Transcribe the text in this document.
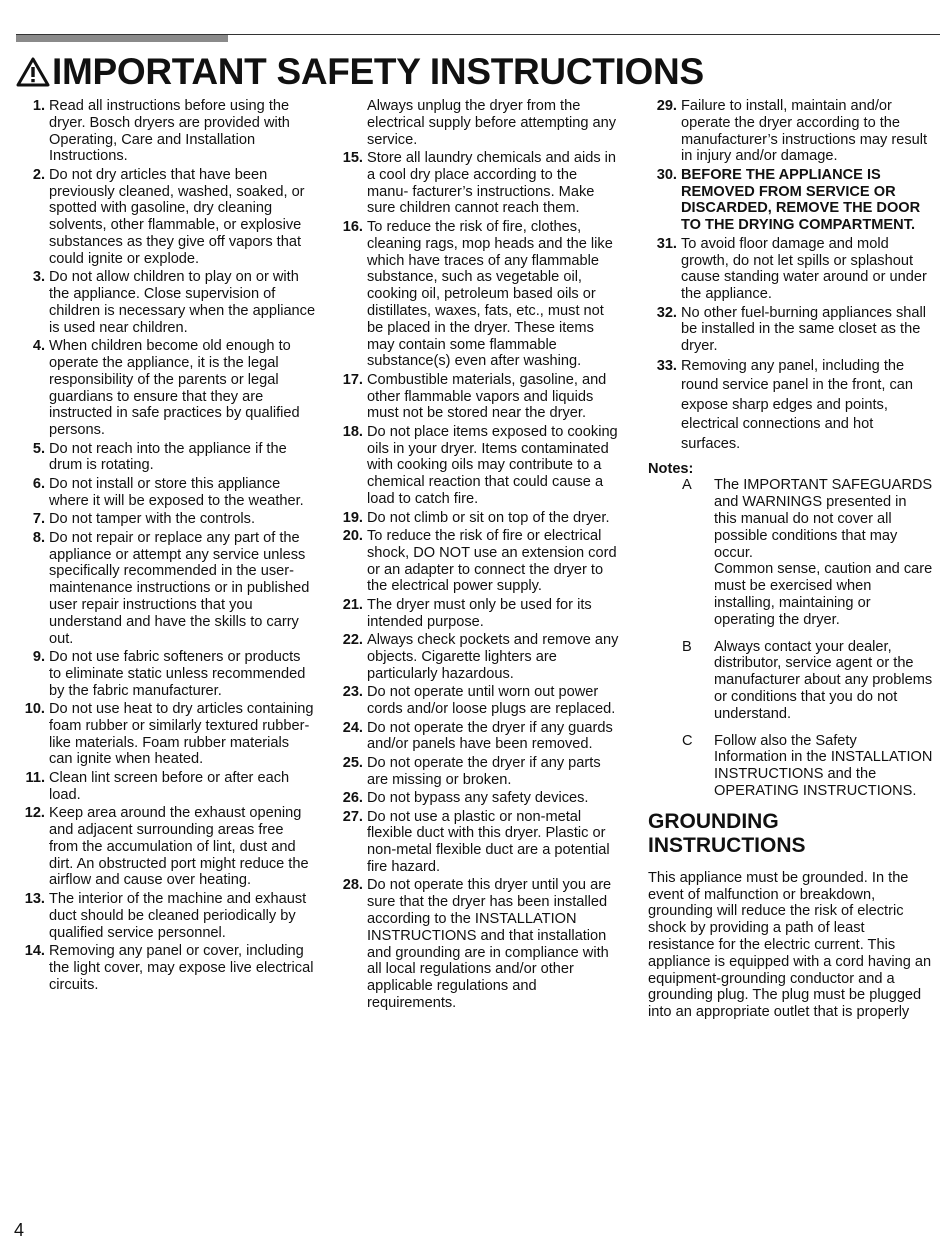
IMPORTANT SAFETY INSTRUCTIONS
1. Read all instructions before using the dryer. Bosch dryers are provided with Operating, Care and Installation Instructions.
2. Do not dry articles that have been previously cleaned, washed, soaked, or spotted with gasoline, dry cleaning solvents, other flammable, or explosive substances as they give off vapors that could ignite or explode.
3. Do not allow children to play on or with the appliance. Close supervision of children is necessary when the appliance is used near children.
4. When children become old enough to operate the appliance, it is the legal responsibility of the parents or legal guardians to ensure that they are instructed in safe practices by qualified persons.
5. Do not reach into the appliance if the drum is rotating.
6. Do not install or store this appliance where it will be exposed to the weather.
7. Do not tamper with the controls.
8. Do not repair or replace any part of the appliance or attempt any service unless specifically recommended in the user-maintenance instructions or in published user repair instructions that you understand and have the skills to carry out.
9. Do not use fabric softeners or products to eliminate static unless recommended by the fabric manufacturer.
10. Do not use heat to dry articles containing foam rubber or similarly textured rubber-like materials. Foam rubber materials can ignite when heated.
11. Clean lint screen before or after each load.
12. Keep area around the exhaust opening and adjacent surrounding areas free from the accumulation of lint, dust and dirt. An obstructed port might reduce the airflow and cause over heating.
13. The interior of the machine and exhaust duct should be cleaned periodically by qualified service personnel.
14. Removing any panel or cover, including the light cover, may expose live electrical circuits.
Always unplug the dryer from the electrical supply before attempting any service.
15. Store all laundry chemicals and aids in a cool dry place according to the manu- facturer’s instructions. Make sure children cannot reach them.
16. To reduce the risk of fire, clothes, cleaning rags, mop heads and the like which have traces of any flammable substance, such as vegetable oil, cooking oil, petroleum based oils or distillates, waxes, fats, etc., must not be placed in the dryer. These items may contain some flammable substance(s) even after washing.
17. Combustible materials, gasoline, and other flammable vapors and liquids must not be stored near the dryer.
18. Do not place items exposed to cooking oils in your dryer. Items contaminated with cooking oils may contribute to a chemical reaction that could cause a load to catch fire.
19. Do not climb or sit on top of the dryer.
20. To reduce the risk of fire or electrical shock, DO NOT use an extension cord or an adapter to connect the dryer to the electrical power supply.
21. The dryer must only be used for its intended purpose.
22. Always check pockets and remove any objects. Cigarette lighters are particularly hazardous.
23. Do not operate until worn out power cords and/or loose plugs are replaced.
24. Do not operate the dryer if any guards and/or panels have been removed.
25. Do not operate the dryer if any parts are missing or broken.
26. Do not bypass any safety devices.
27. Do not use a plastic or non-metal flexible duct with this dryer. Plastic or non-metal flexible duct are a potential fire hazard.
28. Do not operate this dryer until you are sure that the dryer has been installed according to the INSTALLATION INSTRUCTIONS and that installation and grounding are in compliance with all local regulations and/or other applicable regulations and requirements.
29. Failure to install, maintain and/or operate the dryer according to the manufacturer’s instructions may result in injury and/or damage.
30. BEFORE THE APPLIANCE IS REMOVED FROM SERVICE OR DISCARDED, REMOVE THE DOOR TO THE DRYING COMPARTMENT.
31. To avoid floor damage and mold growth, do not let spills or splashout cause standing water around or under the appliance.
32. No other fuel-burning appliances shall be installed in the same closet as the dryer.
33. Removing any panel, including the round service panel in the front, can expose sharp edges and points, electrical connections and hot surfaces.
Notes:
A	The IMPORTANT SAFEGUARDS and WARNINGS presented in this manual do not cover all possible conditions that may occur.
Common sense, caution and care must be exercised when installing, maintaining or operating the dryer.
B	Always contact your dealer, distributor, service agent or the manufacturer about any problems or conditions that you do not understand.
C	Follow also the Safety Information in the INSTALLATION INSTRUCTIONS and the OPERATING INSTRUCTIONS.
GROUNDING
INSTRUCTIONS

This appliance must be grounded. In the event of malfunction or breakdown, grounding will reduce the risk of electric shock by providing a path of least resistance for the electric current. This appliance is equipped with a cord having an equipment-grounding conductor and a grounding plug. The plug must be plugged into an appropriate outlet that is properly

4
